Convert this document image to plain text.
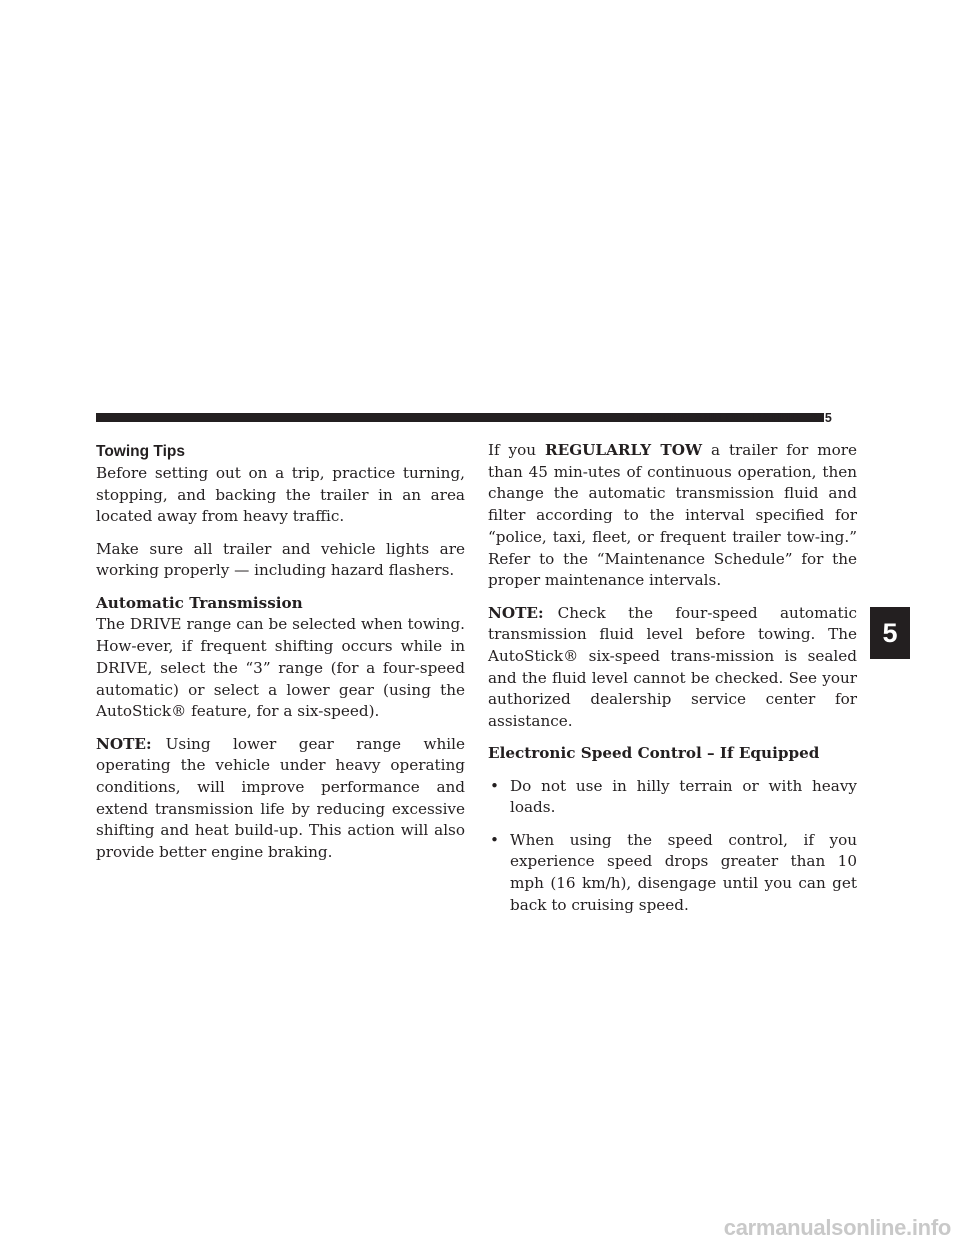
STARTING AND OPERATING 375
Towing Tips

Before setting out on a trip, practice turning, stopping, and backing the trailer in an area located away from heavy traffic.

Make sure all trailer and vehicle lights are working properly — including hazard flashers.

Automatic Transmission
The DRIVE range can be selected when towing. How-ever, if frequent shifting occurs while in DRIVE, select the “3” range (for a four-speed automatic) or select a lower gear (using the AutoStick® feature, for a six-speed).

NOTE: Using lower gear range while operating the vehicle under heavy operating conditions, will improve performance and extend transmission life by reducing excessive shifting and heat build-up. This action will also provide better engine braking.

If you REGULARLY TOW a trailer for more than 45 min-utes of continuous operation, then change the automatic transmission fluid and filter according to the interval specified for “police, taxi, fleet, or frequent trailer tow-ing.” Refer to the “Maintenance Schedule” for the proper maintenance intervals.

NOTE: Check the four-speed automatic transmission fluid level before towing. The AutoStick® six-speed trans-mission is sealed and the fluid level cannot be checked. See your authorized dealership service center for assistance.

Electronic Speed Control – If Equipped

• Do not use in hilly terrain or with heavy loads.
• When using the speed control, if you experience speed drops greater than 10 mph (16 km/h), disengage until you can get back to cruising speed.
5
carmanualsonline.info
